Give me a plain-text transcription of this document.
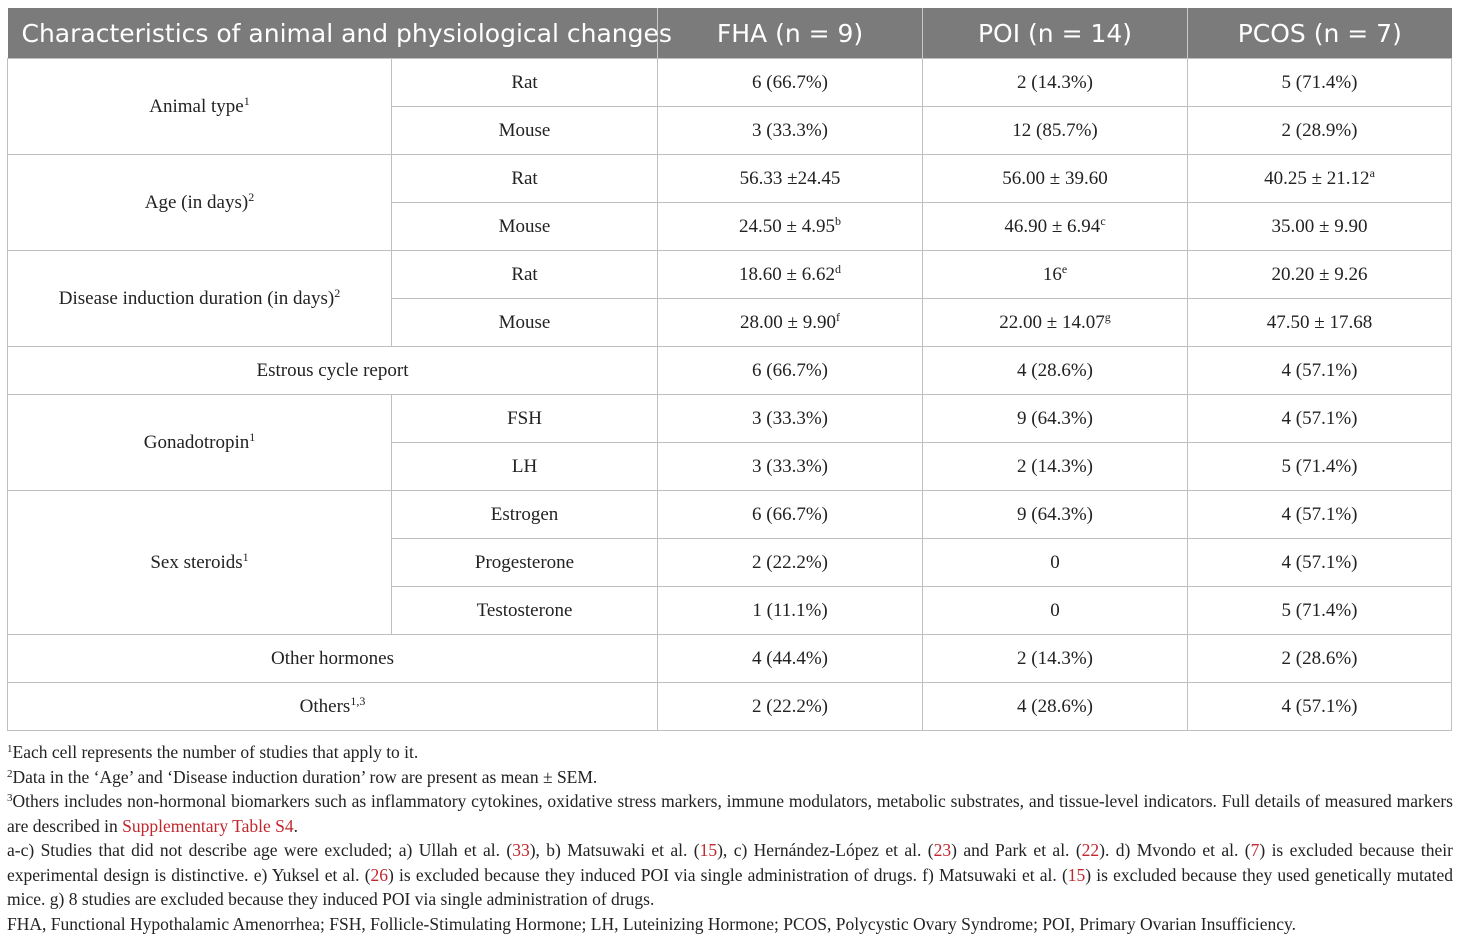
Characteristics of animal and physiological changes		FHA (n = 9)	POI (n = 14)	PCOS (n = 7)
Animal type$^1$	Rat	6 (66.7%)	2 (14.3%)	5 (71.4%)
	Mouse	3 (33.3%)	12 (85.7%)	2 (28.9%)
Age (in days)$^2$	Rat	56.33 ±24.45	56.00 ± 39.60	40.25 ± 21.12$^a$
	Mouse	24.50 ± 4.95$^b$	46.90 ± 6.94$^c$	35.00 ± 9.90
Disease induction duration (in days)$^2$	Rat	18.60 ± 6.62$^d$	16e	20.20 ± 9.26
	Mouse	28.00 ± 9.90$^f$	22.00 ± 14.07$^g$	47.50 ± 17.68
Estrous cycle report		6 (66.7%)	4 (28.6%)	4 (57.1%)
Gonadotropin$^1$	FSH	3 (33.3%)	9 (64.3%)	4 (57.1%)
	LH	3 (33.3%)	2 (14.3%)	5 (71.4%)
Sex steroids$^1$	Estrogen	6 (66.7%)	9 (64.3%)	4 (57.1%)
	Progesterone	2 (22.2%)	0	4 (57.1%)
	Testosterone	1 (11.1%)	0	5 (71.4%)
Other hormones		4 (44.4%)	2 (14.3%)	2 (28.6%)
Others$^{1,3}$		2 (22.2%)	4 (28.6%)	4 (57.1%)

$^1$Each cell represents the number of studies that apply to it.

$^2$Data in the ‘Age’ and ‘Disease induction duration’ row are present as mean ± SEM.

$^3$Others includes non-hormonal biomarkers such as inflammatory cytokines, oxidative stress markers, immune modulators, metabolic substrates, and tissue-level indicators. Full details of measured markers are described in Supplementary Table S4.

a-c) Studies that did not describe age were excluded; a) Ullah et al. (33), b) Matsuwaki et al. (15), c) Hernández-López et al. (23) and Park et al. (22). d) Mvondo et al. (7) is excluded because their experimental design is distinctive. e) Yuksel et al. (26) is excluded because they induced POI via single administration of drugs. f) Matsuwaki et al. (15) is excluded because they used genetically mutated mice. g) 8 studies are excluded because they induced POI via single administration of drugs.

FHA, Functional Hypothalamic Amenorrhea; FSH, Follicle-Stimulating Hormone; LH, Luteinizing Hormone; PCOS, Polycystic Ovary Syndrome; POI, Primary Ovarian Insufficiency.
